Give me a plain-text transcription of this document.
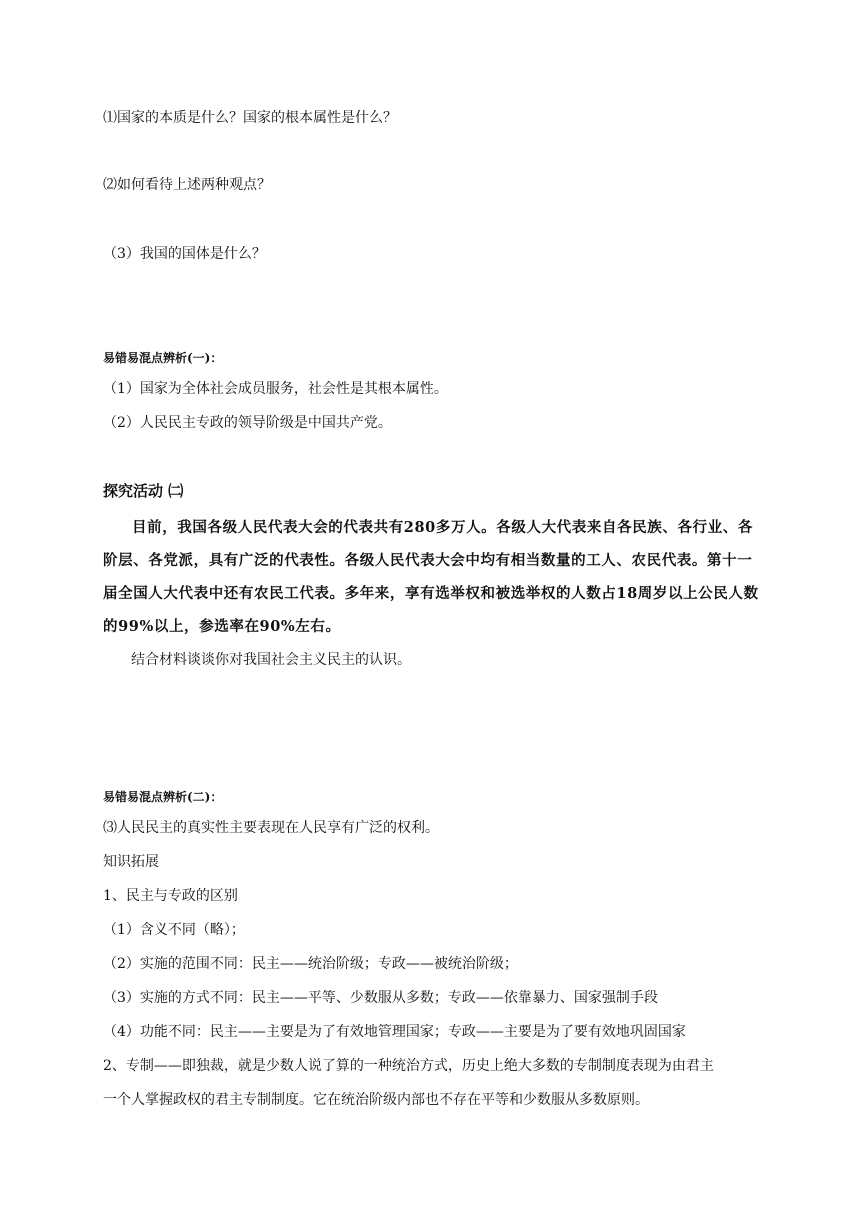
⑴国家的本质是什么？国家的根本属性是什么？
⑵如何看待上述两种观点？
（3）我国的国体是什么？
易错易混点辨析(一)：
（1）国家为全体社会成员服务，社会性是其根本属性。
（2）人民民主专政的领导阶级是中国共产党。
探究活动 ㈡
目前，我国各级人民代表大会的代表共有280多万人。各级人大代表来自各民族、各行业、各阶层、各党派，具有广泛的代表性。各级人民代表大会中均有相当数量的工人、农民代表。第十一届全国人大代表中还有农民工代表。多年来，享有选举权和被选举权的人数占18周岁以上公民人数的99%以上，参选率在90%左右。
结合材料谈谈你对我国社会主义民主的认识。
易错易混点辨析(二)：
⑶人民民主的真实性主要表现在人民享有广泛的权利。
知识拓展
1、民主与专政的区别
（1）含义不同（略）；
（2）实施的范围不同：民主——统治阶级；专政——被统治阶级；
（3）实施的方式不同：民主——平等、少数服从多数；专政——依靠暴力、国家强制手段
（4）功能不同：民主——主要是为了有效地管理国家；专政——主要是为了要有效地巩固国家
2、专制——即独裁，就是少数人说了算的一种统治方式，历史上绝大多数的专制制度表现为由君主
一个人掌握政权的君主专制制度。它在统治阶级内部也不存在平等和少数服从多数原则。
